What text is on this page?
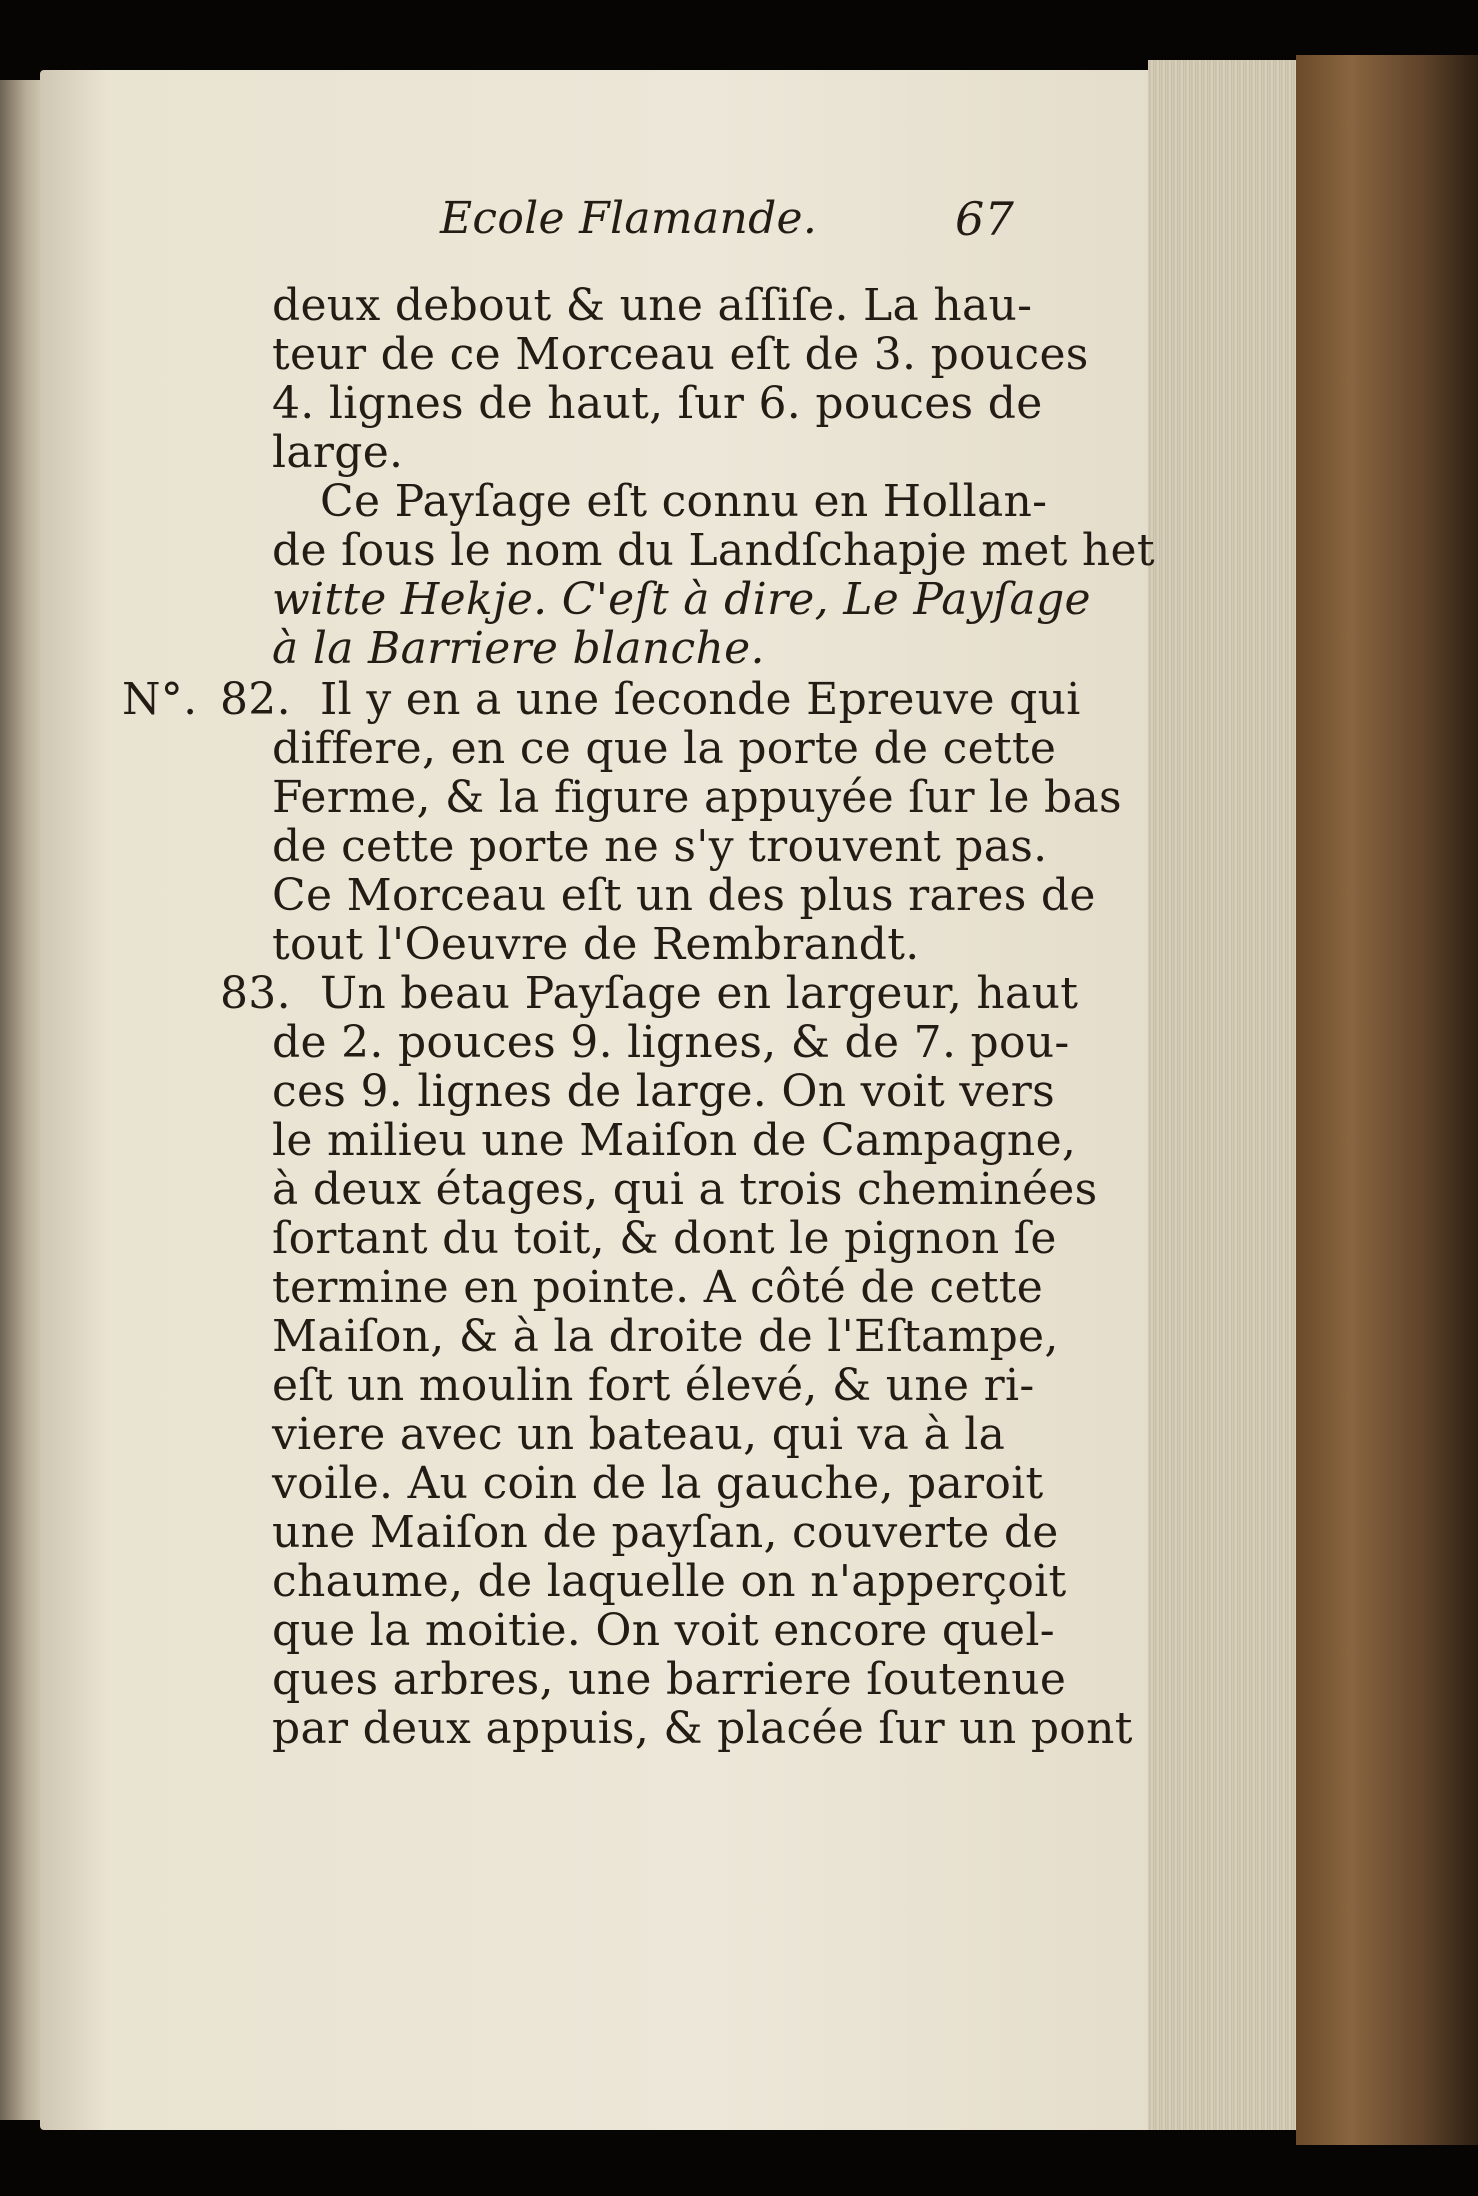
Ecole Flamande.	67
deux debout & une aſſiſe. La hau-
teur de ce Morceau eſt de 3. pouces
4. lignes de haut, ſur 6. pouces de
large.
Ce Payſage eſt connu en Hollan-
de ſous le nom du Landſchapje met het
witte Hekje. C'eſt à dire, Le Payſage
à la Barriere blanche.
N°. 82. Il y en a une ſeconde Epreuve qui
differe, en ce que la porte de cette
Ferme, & la figure appuyée ſur le bas
de cette porte ne s'y trouvent pas.
Ce Morceau eſt un des plus rares de
tout l'Oeuvre de Rembrandt.
83. Un beau Payſage en largeur, haut
de 2. pouces 9. lignes, & de 7. pou-
ces 9. lignes de large. On voit vers
le milieu une Maiſon de Campagne,
à deux étages, qui a trois cheminées
ſortant du toit, & dont le pignon ſe
termine en pointe. A côté de cette
Maiſon, & à la droite de l'Eſtampe,
eſt un moulin fort élevé, & une ri-
viere avec un bateau, qui va à la
voile. Au coin de la gauche, paroit
une Maiſon de payſan, couverte de
chaume, de laquelle on n'apperçoit
que la moitie. On voit encore quel-
ques arbres, une barriere ſoutenue
par deux appuis, & placée ſur un pont
